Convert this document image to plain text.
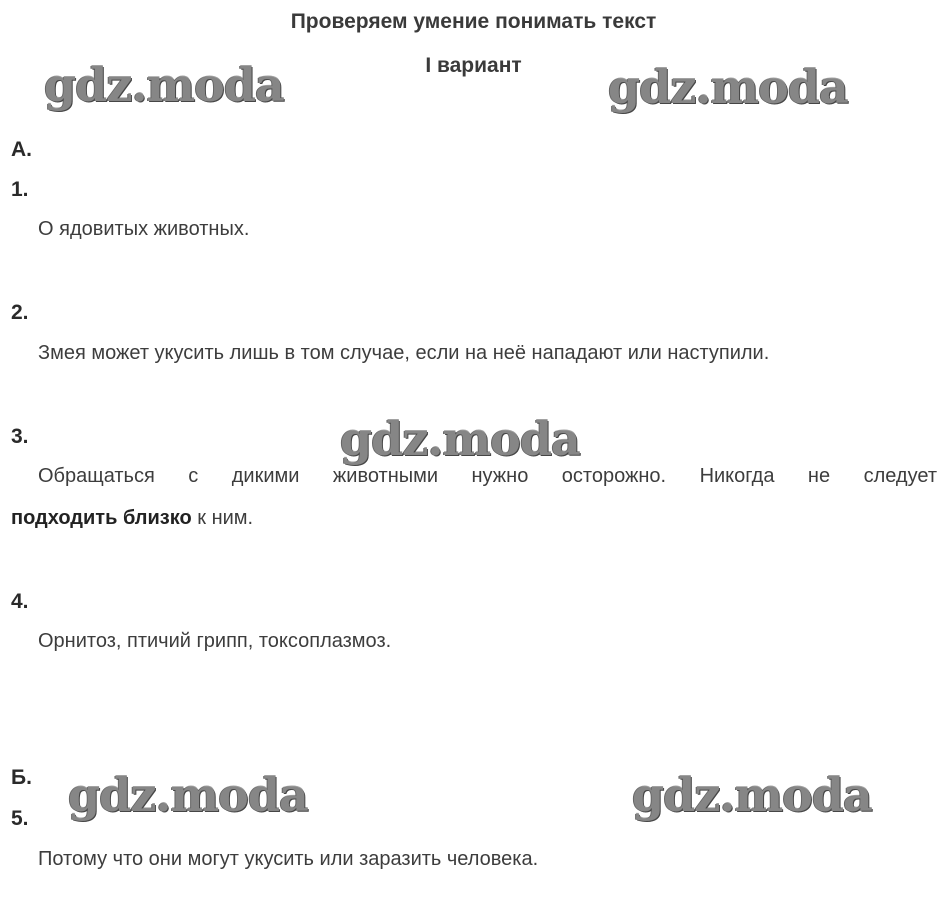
Проверяем умение понимать текст
I вариант
gdz.moda	gdz.moda
А.
1.
О ядовитых животных.
2.
Змея может укусить лишь в том случае, если на неё нападают или наступили.
gdz.moda
3.
Обращаться с дикими животными нужно осторожно. Никогда не следует
подходить близко к ним.
4.
Орнитоз, птичий грипп, токсоплазмоз.
Б. gdz.moda	gdz.moda
5.
Потому что они могут укусить или заразить человека.
